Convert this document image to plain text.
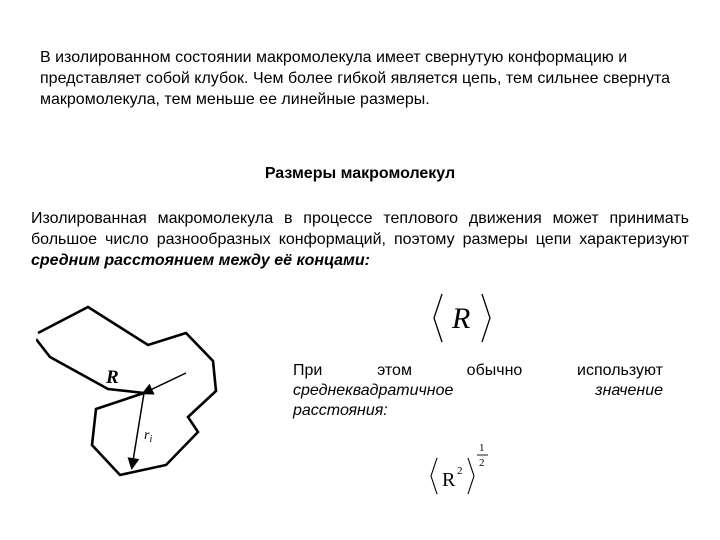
В изолированном состоянии макромолекула имеет свернутую конформацию и представляет собой клубок. Чем более гибкой является цепь, тем сильнее свернута макромолекула, тем меньше ее линейные размеры.
Размеры макромолекул
Изолированная макромолекула в процессе теплового движения может принимать большое число разнообразных конформаций, поэтому размеры цепи характеризуют средним расстоянием между её концами:
R
При	этом	обычно	используют
среднеквадратичное	значение
расстояния:
R 2
1
2
R
$r_i$
